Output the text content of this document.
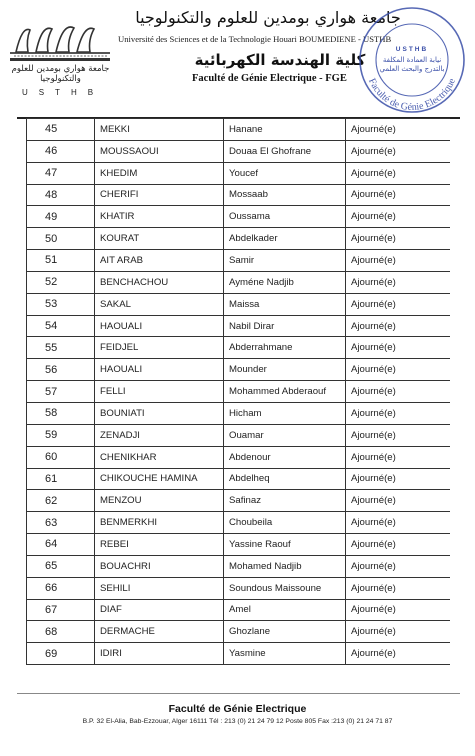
جامعة هواري بومدين للعلوم والتكنولوجيا
USTHB
جامعة هواري بومدين للعلوم والتكنولوجيا
Université des Sciences et de la Technologie Houari BOUMEDIENE - USTHB
كلية الهندسة الكهربائية
Faculté de Génie Electrique - FGE	Faculté de Génie Electrique
USTHB
نيابة العمادة المكلفة بالتدرج والبحث العلمي
45	MEKKI	Hanane	Ajourné(e)
46	MOUSSAOUI	Douaa El Ghofrane	Ajourné(e)
47	KHEDIM	Youcef	Ajourné(e)
48	CHERIFI	Mossaab	Ajourné(e)
49	KHATIR	Oussama	Ajourné(e)
50	KOURAT	Abdelkader	Ajourné(e)
51	AIT ARAB	Samir	Ajourné(e)
52	BENCHACHOU	Ayméne Nadjib	Ajourné(e)
53	SAKAL	Maissa	Ajourné(e)
54	HAOUALI	Nabil Dirar	Ajourné(e)
55	FEIDJEL	Abderrahmane	Ajourné(e)
56	HAOUALI	Mounder	Ajourné(e)
57	FELLI	Mohammed Abderaouf	Ajourné(e)
58	BOUNIATI	Hicham	Ajourné(e)
59	ZENADJI	Ouamar	Ajourné(e)
60	CHENIKHAR	Abdenour	Ajourné(e)
61	CHIKOUCHE HAMINA	Abdelheq	Ajourné(e)
62	MENZOU	Safinaz	Ajourné(e)
63	BENMERKHI	Choubeila	Ajourné(e)
64	REBEI	Yassine Raouf	Ajourné(e)
65	BOUACHRI	Mohamed Nadjib	Ajourné(e)
66	SEHILI	Soundous Maissoune	Ajourné(e)
67	DIAF	Amel	Ajourné(e)
68	DERMACHE	Ghozlane	Ajourné(e)
69	IDIRI	Yasmine	Ajourné(e)
Faculté de Génie Electrique
B.P. 32 El-Alia, Bab-Ezzouar, Alger 16111 Tél : 213 (0) 21 24 79 12 Poste 805 Fax :213 (0) 21 24 71 87
